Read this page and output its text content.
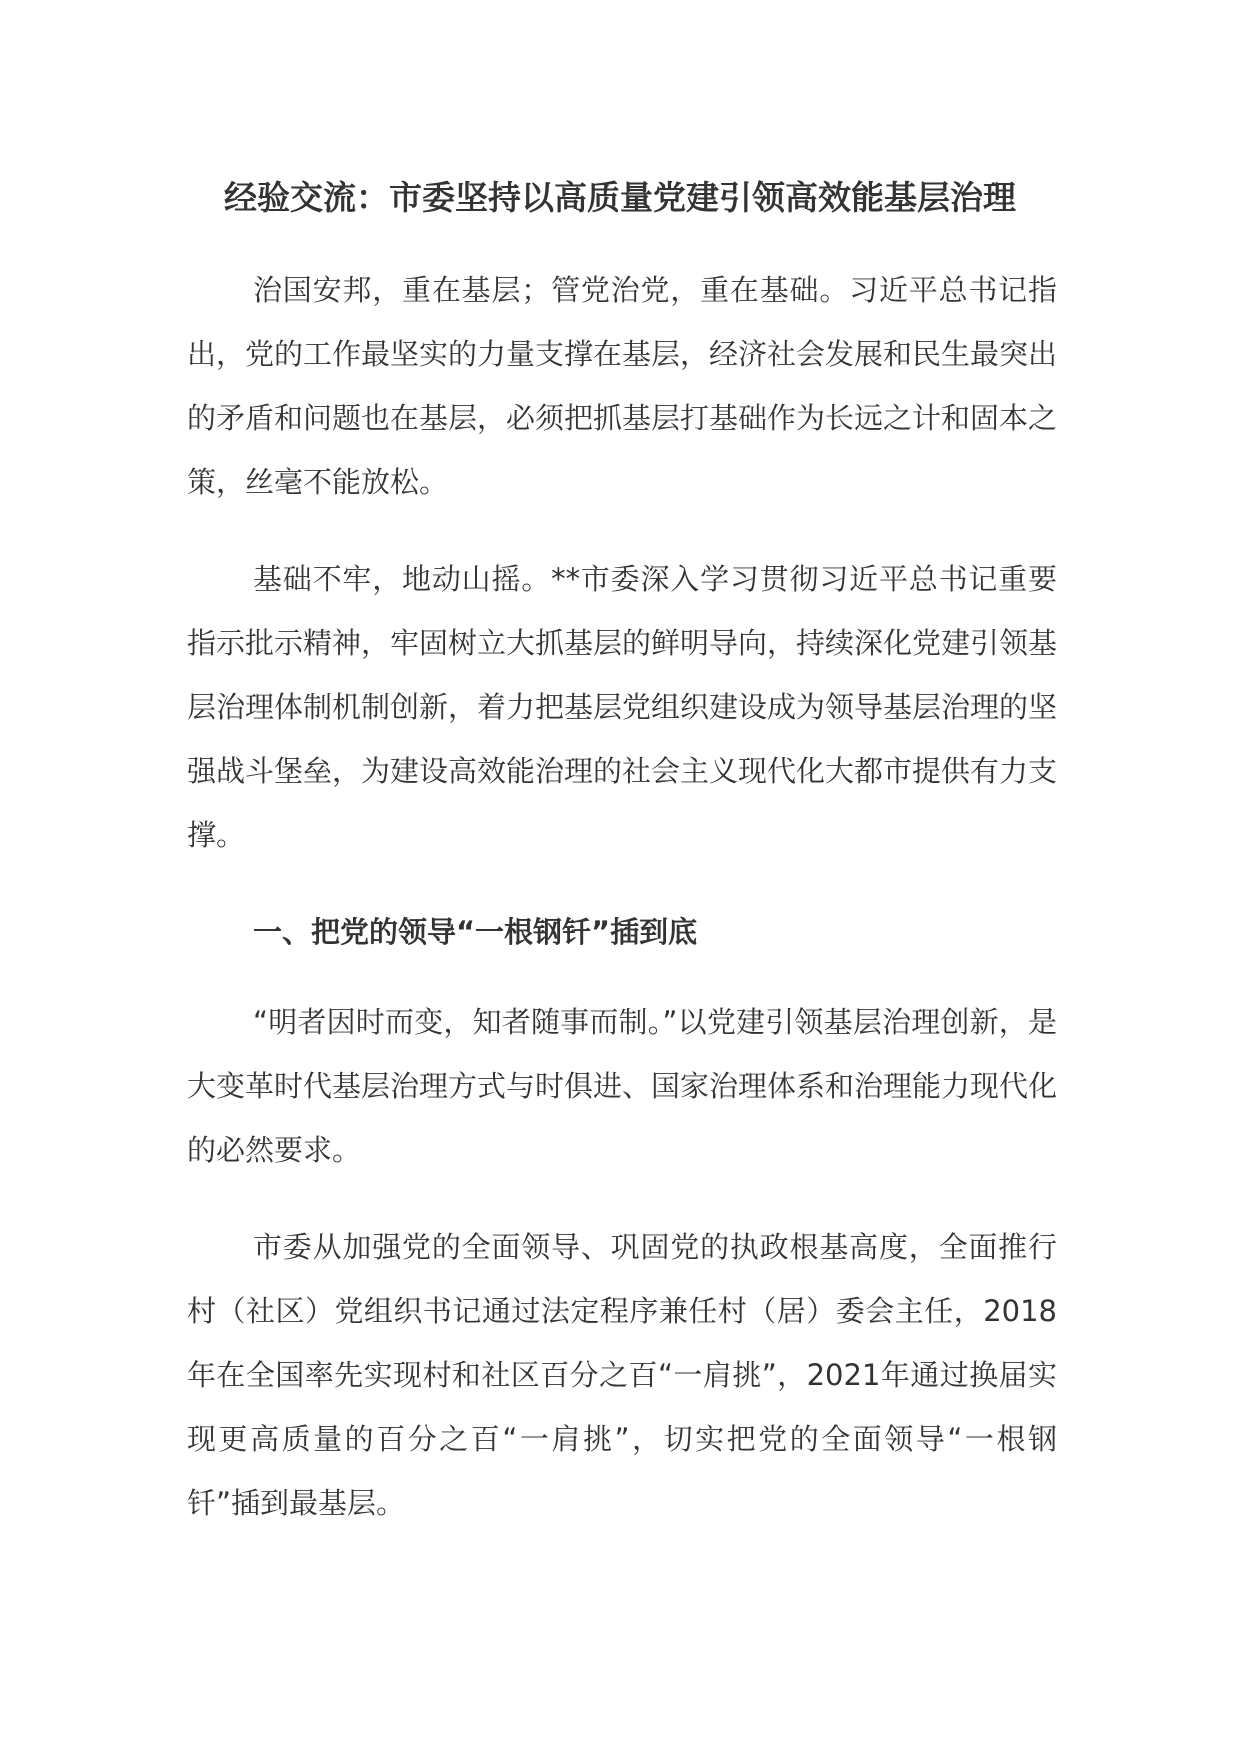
经验交流：市委坚持以高质量党建引领高效能基层治理

治国安邦，重在基层；管党治党，重在基础。习近平总书记指出，党的工作最坚实的力量支撑在基层，经济社会发展和民生最突出的矛盾和问题也在基层，必须把抓基层打基础作为长远之计和固本之策，丝毫不能放松。

基础不牢，地动山摇。**市委深入学习贯彻习近平总书记重要指示批示精神，牢固树立大抓基层的鲜明导向，持续深化党建引领基层治理体制机制创新，着力把基层党组织建设成为领导基层治理的坚强战斗堡垒，为建设高效能治理的社会主义现代化大都市提供有力支撑。

一、把党的领导“一根钢钎”插到底

“明者因时而变，知者随事而制。”以党建引领基层治理创新，是大变革时代基层治理方式与时俱进、国家治理体系和治理能力现代化的必然要求。

市委从加强党的全面领导、巩固党的执政根基高度，全面推行村（社区）党组织书记通过法定程序兼任村（居）委会主任，2018年在全国率先实现村和社区百分之百“一肩挑”，2021年通过换届实现更高质量的百分之百“一肩挑”，切实把党的全面领导“一根钢钎”插到最基层。
